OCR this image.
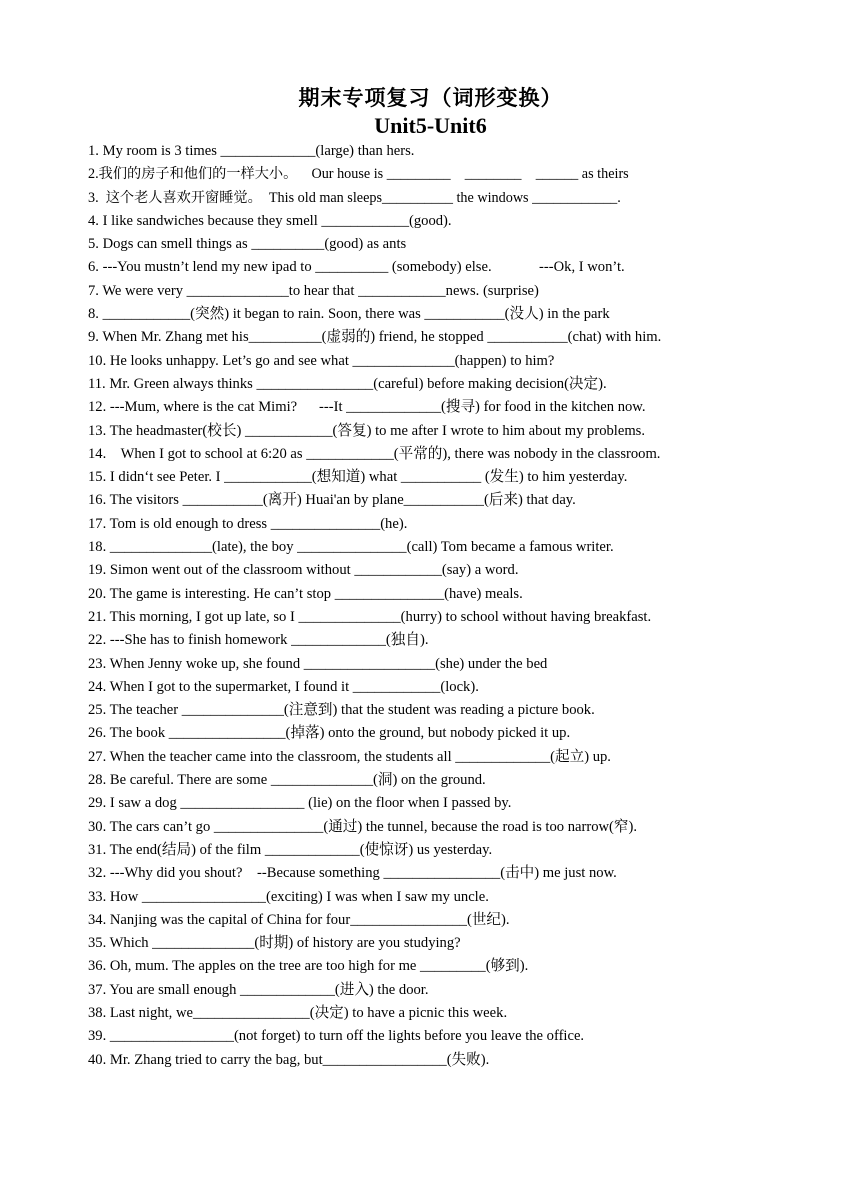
期末专项复习（词形变换）
Unit5-Unit6
1. My room is 3 times _____________(large) than hers.
2.我们的房子和他们的一样大小。    Our house is _________    ________    ______ as theirs
3.  这个老人喜欢开窗睡觉。  This old man sleeps__________ the windows ____________.
4. I like sandwiches because they smell ____________(good).
5. Dogs can smell things as __________(good) as ants
6. ---You mustn’t lend my new ipad to __________ (somebody) else.             ---Ok, I won’t.
7. We were very ______________to hear that ____________news. (surprise)
8. ____________(突然) it began to rain. Soon, there was ___________(没人) in the park
9. When Mr. Zhang met his__________(虚弱的) friend, he stopped ___________(chat) with him.
10. He looks unhappy. Let’s go and see what ______________(happen) to him?
11. Mr. Green always thinks ________________(careful) before making decision(决定).
12. ---Mum, where is the cat Mimi?      ---It _____________(搜寻) for food in the kitchen now.
13. The headmaster(校长) ____________(答复) to me after I wrote to him about my problems.
14.    When I got to school at 6:20 as ____________(平常的), there was nobody in the classroom.
15. I didn‘t see Peter. I ____________(想知道) what ___________ (发生) to him yesterday.
16. The visitors ___________(离开) Huai'an by plane___________(后来) that day.
17. Tom is old enough to dress _______________(he).
18. ______________(late), the boy _______________(call) Tom became a famous writer.
19. Simon went out of the classroom without ____________(say) a word.
20. The game is interesting. He can’t stop _______________(have) meals.
21. This morning, I got up late, so I ______________(hurry) to school without having breakfast.
22. ---She has to finish homework _____________(独自).
23. When Jenny woke up, she found __________________(she) under the bed
24. When I got to the supermarket, I found it ____________(lock).
25. The teacher ______________(注意到) that the student was reading a picture book.
26. The book ________________(掉落) onto the ground, but nobody picked it up.
27. When the teacher came into the classroom, the students all _____________(起立) up.
28. Be careful. There are some ______________(洞) on the ground.
29. I saw a dog _________________ (lie) on the floor when I passed by.
30. The cars can’t go _______________(通过) the tunnel, because the road is too narrow(窄).
31. The end(结局) of the film _____________(使惊讶) us yesterday.
32. ---Why did you shout?    --Because something ________________(击中) me just now.
33. How _________________(exciting) I was when I saw my uncle.
34. Nanjing was the capital of China for four________________(世纪).
35. Which ______________(时期) of history are you studying?
36. Oh, mum. The apples on the tree are too high for me _________(够到).
37. You are small enough _____________(进入) the door.
38. Last night, we________________(决定) to have a picnic this week.
39. _________________(not forget) to turn off the lights before you leave the office.
40. Mr. Zhang tried to carry the bag, but_________________(失败).
